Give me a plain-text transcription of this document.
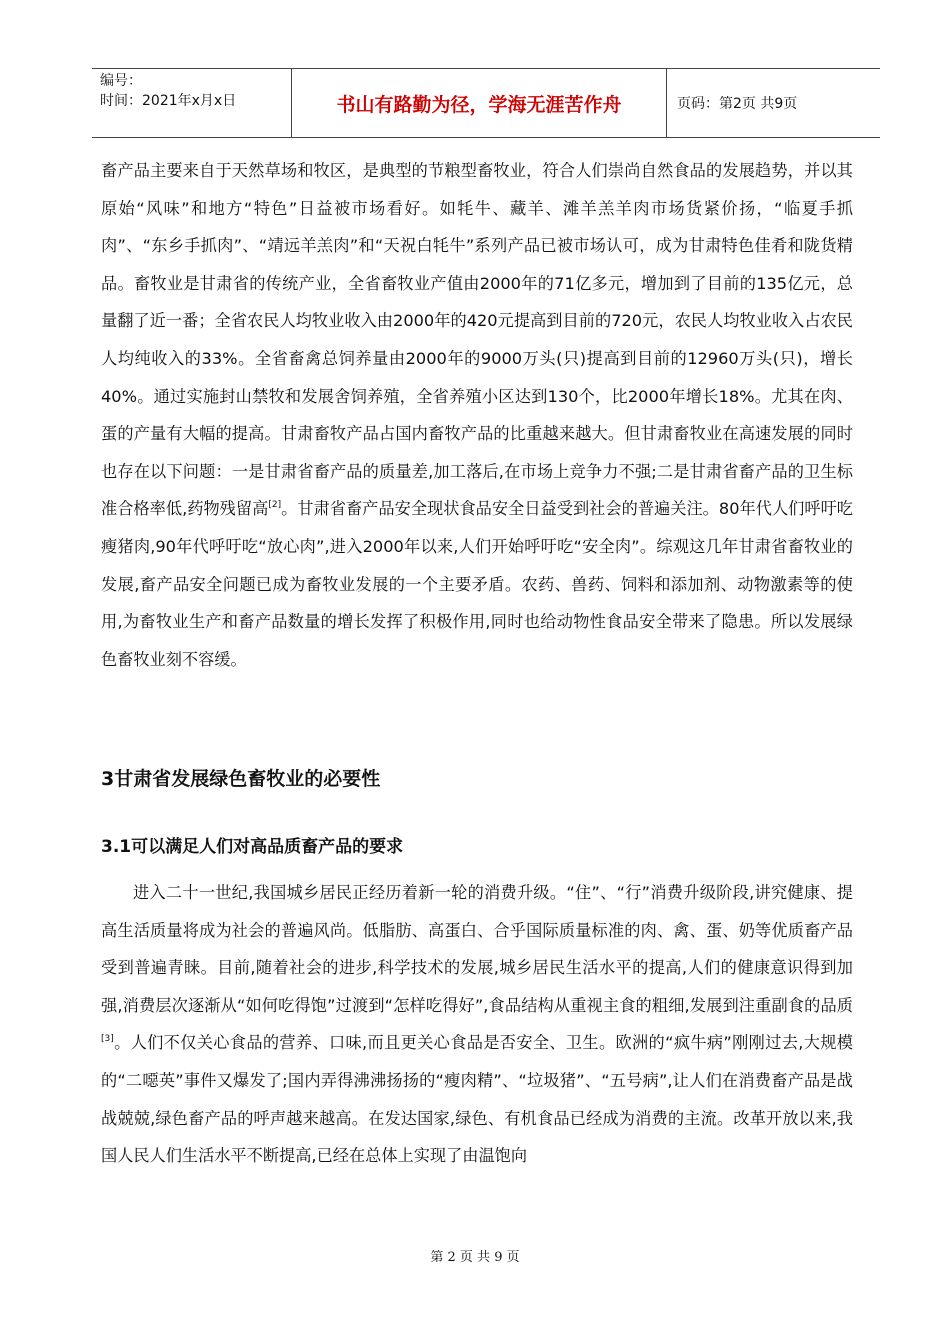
编号：
时间：2021年x月x日	书山有路勤为径，学海无涯苦作舟	页码：第2页 共9页

畜产品主要来自于天然草场和牧区，是典型的节粮型畜牧业，符合人们崇尚自然食品的发展趋势，并以其原始“风味”和地方“特色”日益被市场看好。如牦牛、藏羊、滩羊羔羊肉市场货紧价扬，“临夏手抓肉”、“东乡手抓肉”、“靖远羊羔肉”和“天祝白牦牛”系列产品已被市场认可，成为甘肃特色佳肴和陇货精品。畜牧业是甘肃省的传统产业，全省畜牧业产值由2000年的71亿多元，增加到了目前的135亿元，总量翻了近一番；全省农民人均牧业收入由2000年的420元提高到目前的720元，农民人均牧业收入占农民人均纯收入的33%。全省畜禽总饲养量由2000年的9000万头(只)提高到目前的12960万头(只)，增长40%。通过实施封山禁牧和发展舍饲养殖，全省养殖小区达到130个，比2000年增长18%。尤其在肉、蛋的产量有大幅的提高。甘肃畜牧产品占国内畜牧产品的比重越来越大。但甘肃畜牧业在高速发展的同时也存在以下问题：一是甘肃省畜产品的质量差,加工落后,在市场上竞争力不强;二是甘肃省畜产品的卫生标准合格率低,药物残留高[2]。甘肃省畜产品安全现状食品安全日益受到社会的普遍关注。80年代人们呼吁吃瘦猪肉,90年代呼吁吃“放心肉”,进入2000年以来,人们开始呼吁吃“安全肉”。综观这几年甘肃省畜牧业的发展,畜产品安全问题已成为畜牧业发展的一个主要矛盾。农药、兽药、饲料和添加剂、动物激素等的使用,为畜牧业生产和畜产品数量的增长发挥了积极作用,同时也给动物性食品安全带来了隐患。所以发展绿色畜牧业刻不容缓。

3甘肃省发展绿色畜牧业的必要性
3.1可以满足人们对高品质畜产品的要求

进入二十一世纪,我国城乡居民正经历着新一轮的消费升级。“住”、“行”消费升级阶段,讲究健康、提高生活质量将成为社会的普遍风尚。低脂肪、高蛋白、合乎国际质量标准的肉、禽、蛋、奶等优质畜产品受到普遍青睐。目前,随着社会的进步,科学技术的发展,城乡居民生活水平的提高,人们的健康意识得到加强,消费层次逐渐从“如何吃得饱”过渡到“怎样吃得好”,食品结构从重视主食的粗细,发展到注重副食的品质[3]。人们不仅关心食品的营养、口味,而且更关心食品是否安全、卫生。欧洲的“疯牛病”刚刚过去,大规模的“二噁英”事件又爆发了;国内弄得沸沸扬扬的“瘦肉精”、“垃圾猪”、“五号病”,让人们在消费畜产品是战战兢兢,绿色畜产品的呼声越来越高。在发达国家,绿色、有机食品已经成为消费的主流。改革开放以来,我国人民人们生活水平不断提高,已经在总体上实现了由温饱向

第 2 页 共 9 页
